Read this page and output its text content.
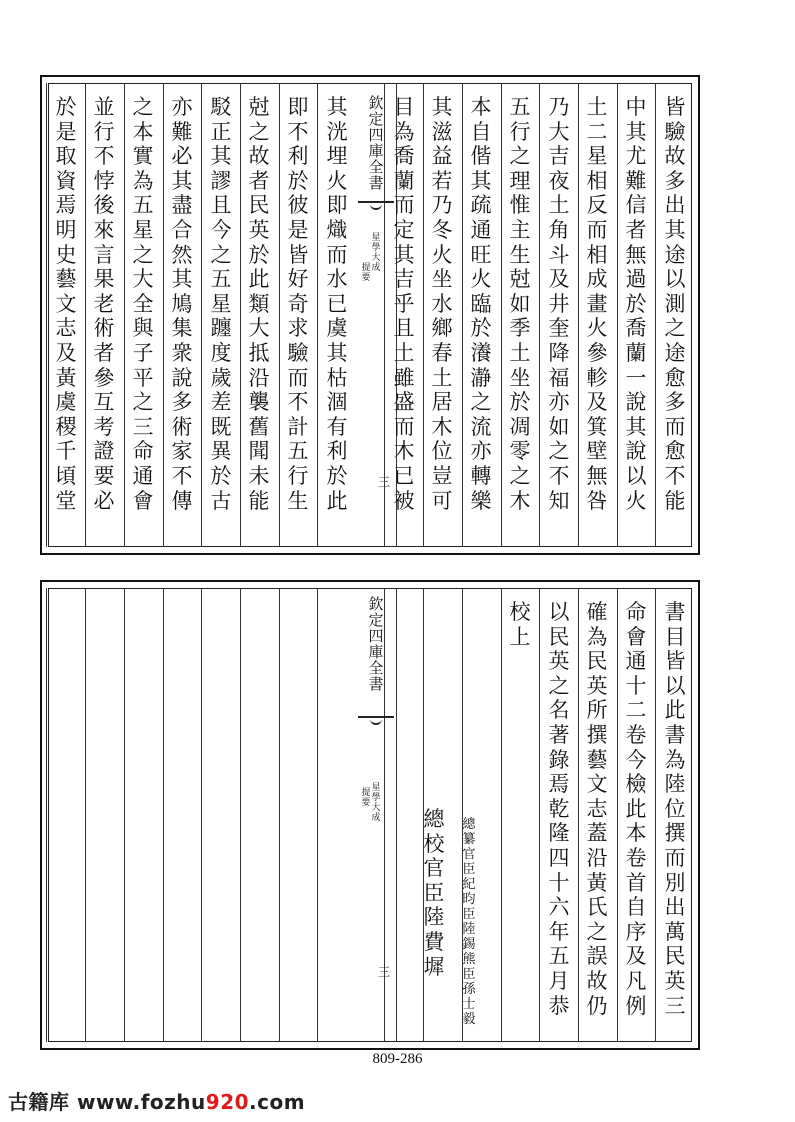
皆
驗
故
多
出
其
途
以
測
之
途
愈
多
而
愈
不
能
中
其
尤
難
信
者
無
過
於
喬
蘭
一
說
其
說
以
火
土
二
星
相
反
而
相
成
畫
火
參
軫
及
箕
壁
無
咎
乃
大
吉
夜
土
角
斗
及
井
奎
降
福
亦
如
之
不
知
五
行
之
理
惟
主
生
尅
如
季
土
坐
於
凋
零
之
木
本
自
偕
其
疏
通
旺
火
臨
於
瀁
瀞
之
流
亦
轉
樂
其
滋
益
若
乃
冬
火
坐
水
鄉
春
土
居
木
位
豈
可
目
為
喬
蘭
而
定
其
吉
乎
且
土
雖
盛
而
木
已
被
其
洸
埋
火
即
熾
而
水
已
虞
其
枯
涸
有
利
於
此
即
不
利
於
彼
是
皆
好
奇
求
驗
而
不
計
五
行
生
尅
之
故
者
民
英
於
此
類
大
抵
沿
襲
舊
聞
未
能
駁
正
其
謬
且
今
之
五
星
躔
度
歲
差
既
異
於
古
亦
難
必
其
盡
合
然
其
鳩
集
衆
說
多
術
家
不
傳
之
本
實
為
五
星
之
大
全
與
子
平
之
三
命
通
會
並
行
不
悖
後
來
言
果
老
術
者
參
互
考
證
要
必
於
是
取
資
焉
明
史
藝
文
志
及
黃
虞
稷
千
頃
堂
欽
定
四
庫
全
書
星
學
大
成
提
要
三
書
目
皆
以
此
書
為
陸
位
撰
而
別
出
萬
民
英
三
命
會
通
十
二
卷
今
檢
此
本
卷
首
自
序
及
凡
例
確
為
民
英
所
撰
藝
文
志
蓋
沿
黃
氏
之
誤
故
仍
以
民
英
之
名
著
錄
焉
乾
隆
四
十
六
年
五
月
恭
校
上
欽
定
四
庫
全
書
星
學
大
成
提
要
三
總
纂
官
臣
紀
昀
臣
陸
錫
熊
臣
孫
士
毅
總
校
官
臣
陸
費
墀
809-286
古籍库 www.fozhu920.com
